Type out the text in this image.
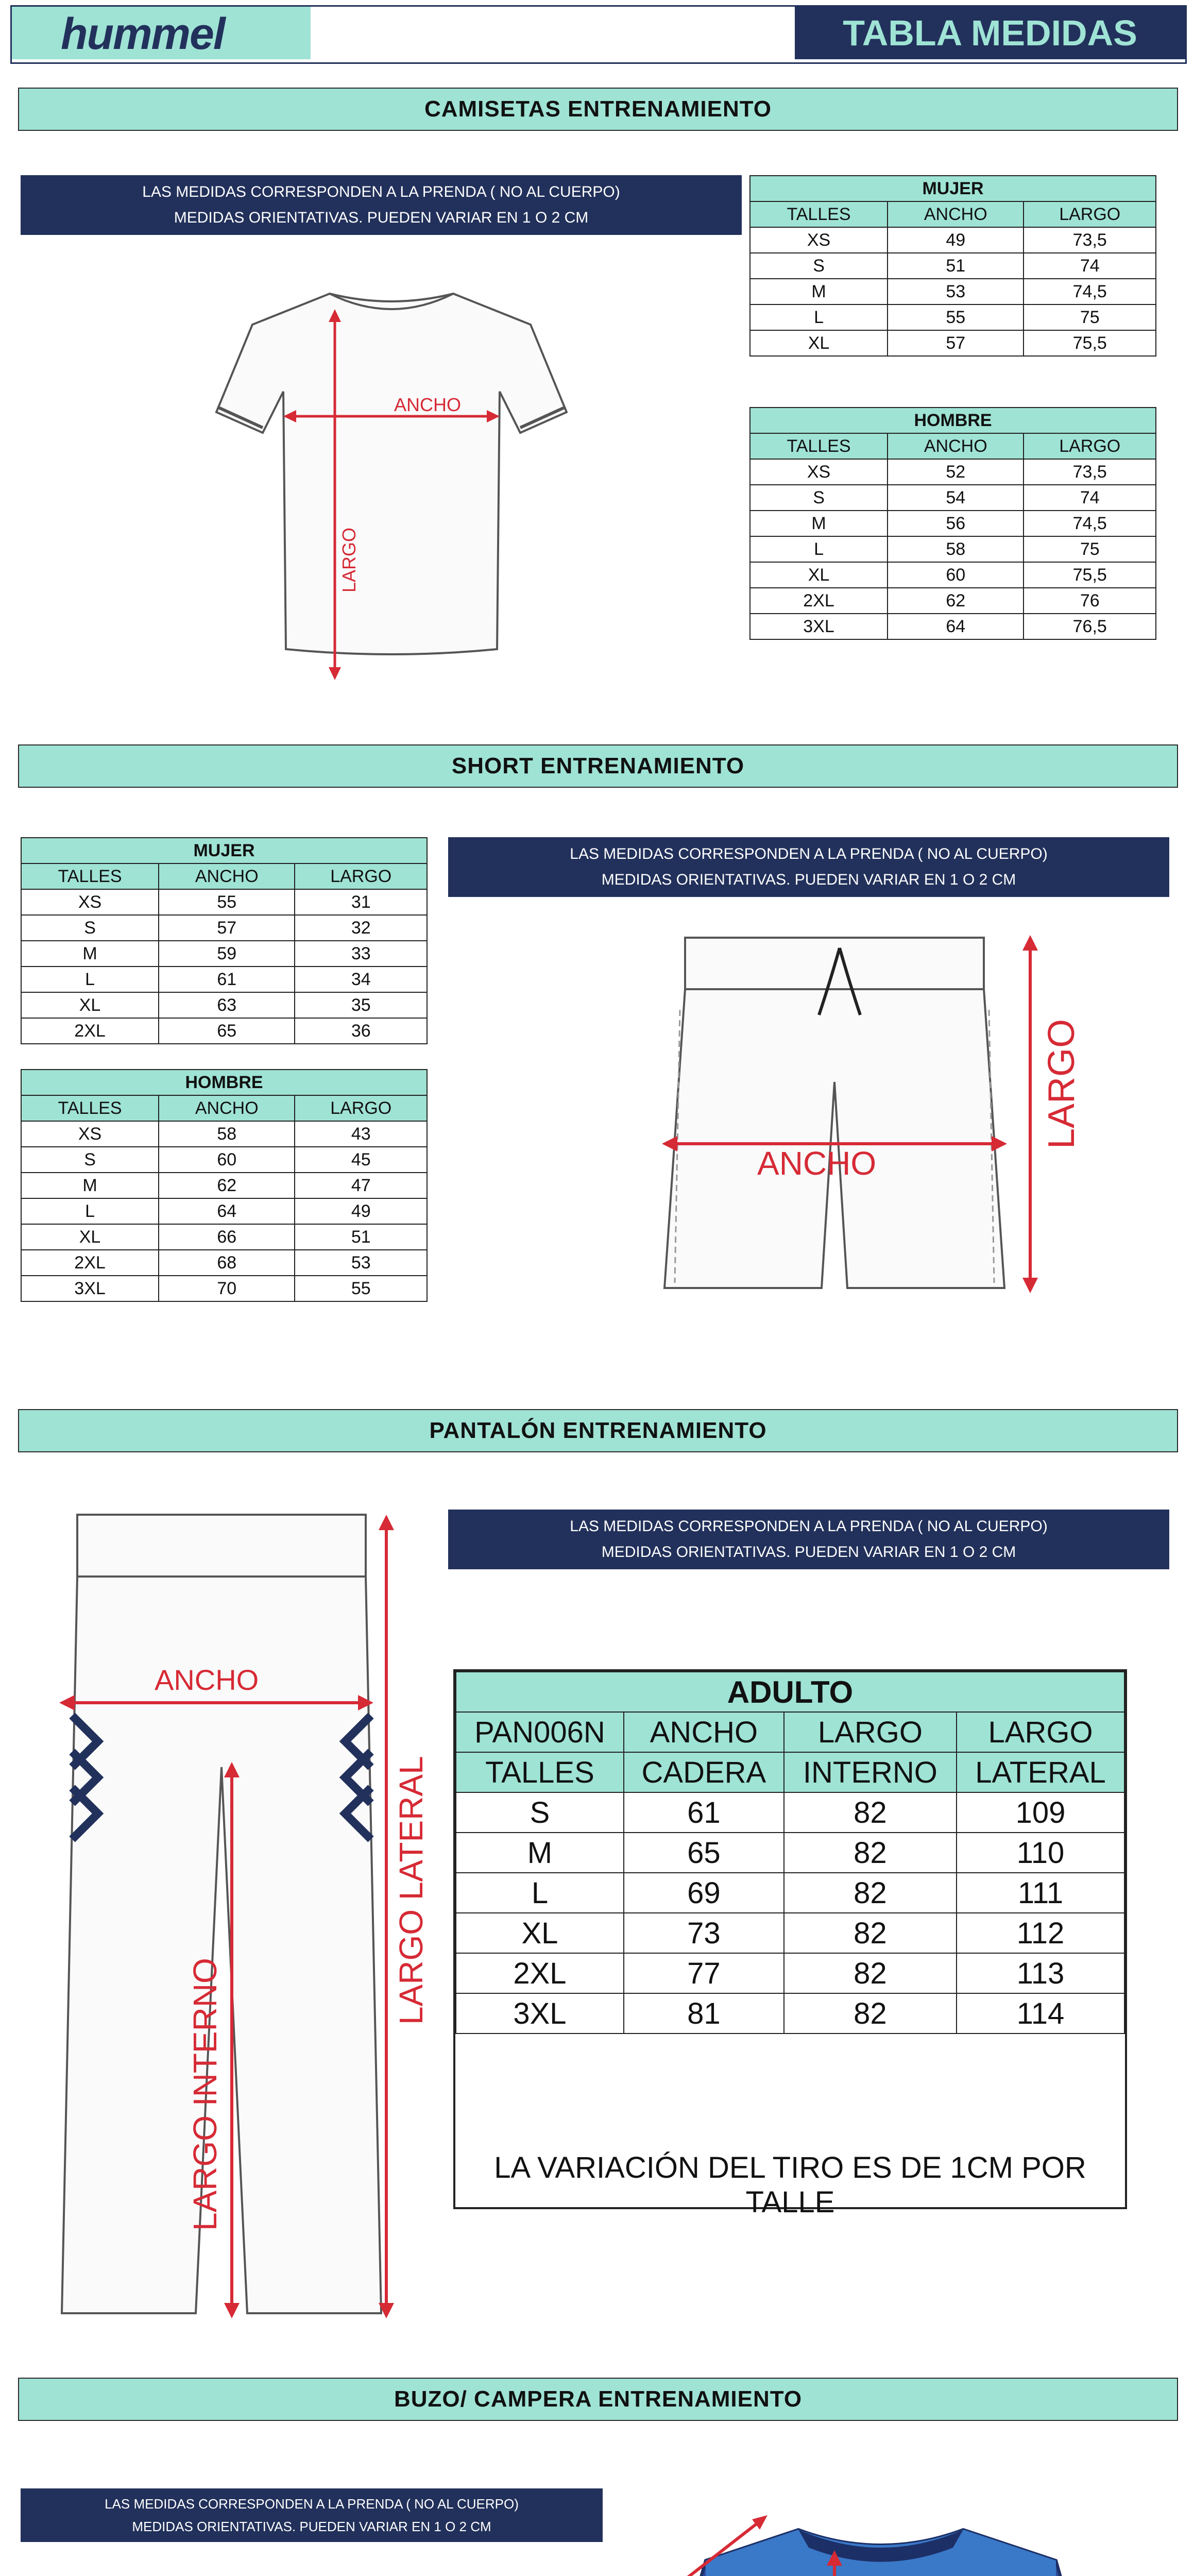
hummel	TABLA MEDIDAS
CAMISETAS ENTRENAMIENTO
LAS MEDIDAS CORRESPONDEN A LA PRENDA ( NO AL CUERPO)
MEDIDAS ORIENTATIVAS. PUEDEN VARIAR EN 1 O 2 CM
ANCHO
LARGO
MUJER		
TALLES	ANCHO	LARGO
XS	49	73,5
S	51	74
M	53	74,5
L	55	75
XL	57	75,5
HOMBRE		
TALLES	ANCHO	LARGO
XS	52	73,5
S	54	74
M	56	74,5
L	58	75
XL	60	75,5
2XL	62	76
3XL	64	76,5
SHORT ENTRENAMIENTO
LAS MEDIDAS CORRESPONDEN A LA PRENDA ( NO AL CUERPO)
MEDIDAS ORIENTATIVAS. PUEDEN VARIAR EN 1 O 2 CM
MUJER		
TALLES	ANCHO	LARGO
XS	55	31
S	57	32
M	59	33
L	61	34
XL	63	35
2XL	65	36
HOMBRE		
TALLES	ANCHO	LARGO
XS	58	43
S	60	45
M	62	47
L	64	49
XL	66	51
2XL	68	53
3XL	70	55
ANCHO
LARGO
PANTALÓN ENTRENAMIENTO
LAS MEDIDAS CORRESPONDEN A LA PRENDA ( NO AL CUERPO)
MEDIDAS ORIENTATIVAS. PUEDEN VARIAR EN 1 O 2 CM
ANCHO
LARGO INTERNO
LARGO LATERAL
ADULTO			
PAN006N	ANCHO	LARGO	LARGO
TALLES	CADERA	INTERNO	LATERAL
S	61	82	109
M	65	82	110
L	69	82	111
XL	73	82	112
2XL	77	82	113
3XL	81	82	114
LA VARIACIÓN DEL TIRO ES DE 1CM POR TALLE
BUZO/ CAMPERA ENTRENAMIENTO
LAS MEDIDAS CORRESPONDEN A LA PRENDA ( NO AL CUERPO)
MEDIDAS ORIENTATIVAS. PUEDEN VARIAR EN 1 O 2 CM
